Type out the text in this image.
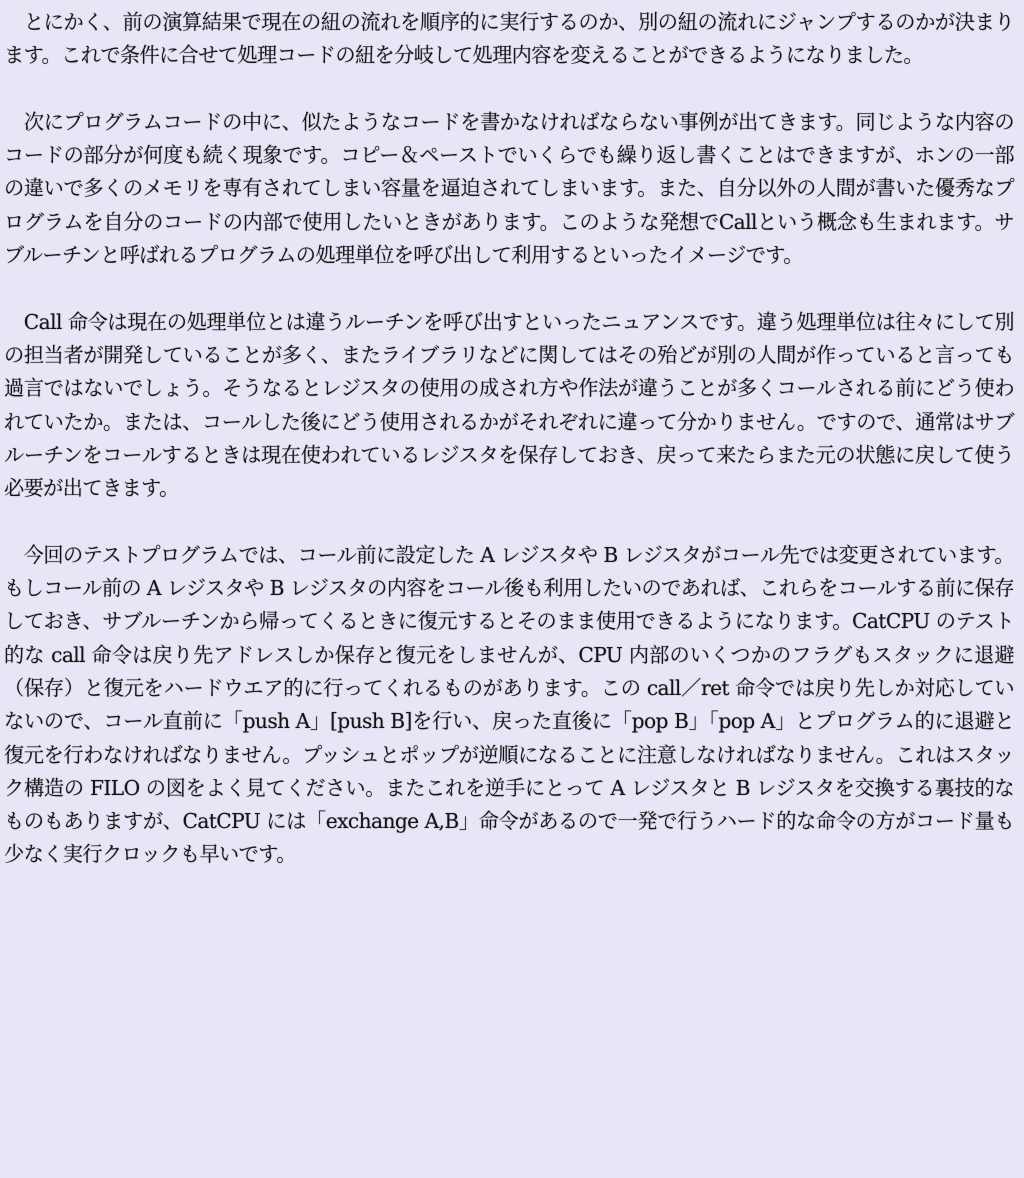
　とにかく、前の演算結果で現在の紐の流れを順序的に実行するのか、別の紐の流れにジャンプするのかが決まります。これで条件に合せて処理コードの紐を分岐して処理内容を変えることができるようになりました。

　次にプログラムコードの中に、似たようなコードを書かなければならない事例が出てきます。同じような内容のコードの部分が何度も続く現象です。コピー＆ペーストでいくらでも繰り返し書くことはできますが、ホンの一部の違いで多くのメモリを専有されてしまい容量を逼迫されてしまいます。また、自分以外の人間が書いた優秀なプログラムを自分のコードの内部で使用したいときがあります。このような発想でCallという概念も生まれます。サブルーチンと呼ばれるプログラムの処理単位を呼び出して利用するといったイメージです。

　Call 命令は現在の処理単位とは違うルーチンを呼び出すといったニュアンスです。違う処理単位は往々にして別の担当者が開発していることが多く、またライブラリなどに関してはその殆どが別の人間が作っていると言っても過言ではないでしょう。そうなるとレジスタの使用の成され方や作法が違うことが多くコールされる前にどう使われていたか。または、コールした後にどう使用されるかがそれぞれに違って分かりません。ですので、通常はサブルーチンをコールするときは現在使われているレジスタを保存しておき、戻って来たらまた元の状態に戻して使う必要が出てきます。

　今回のテストプログラムでは、コール前に設定した A レジスタや B レジスタがコール先では変更されています。もしコール前の A レジスタや B レジスタの内容をコール後も利用したいのであれば、これらをコールする前に保存しておき、サブルーチンから帰ってくるときに復元するとそのまま使用できるようになります。CatCPU のテスト的な call 命令は戻り先アドレスしか保存と復元をしませんが、CPU 内部のいくつかのフラグもスタックに退避（保存）と復元をハードウエア的に行ってくれるものがあります。この call／ret 命令では戻り先しか対応していないので、コール直前に「push A」[push B]を行い、戻った直後に「pop B」「pop A」とプログラム的に退避と復元を行わなければなりません。プッシュとポップが逆順になることに注意しなければなりません。これはスタック構造の FILO の図をよく見てください。またこれを逆手にとって A レジスタと B レジスタを交換する裏技的なものもありますが、CatCPU には「exchange A,B」命令があるので一発で行うハード的な命令の方がコード量も少なく実行クロックも早いです。
